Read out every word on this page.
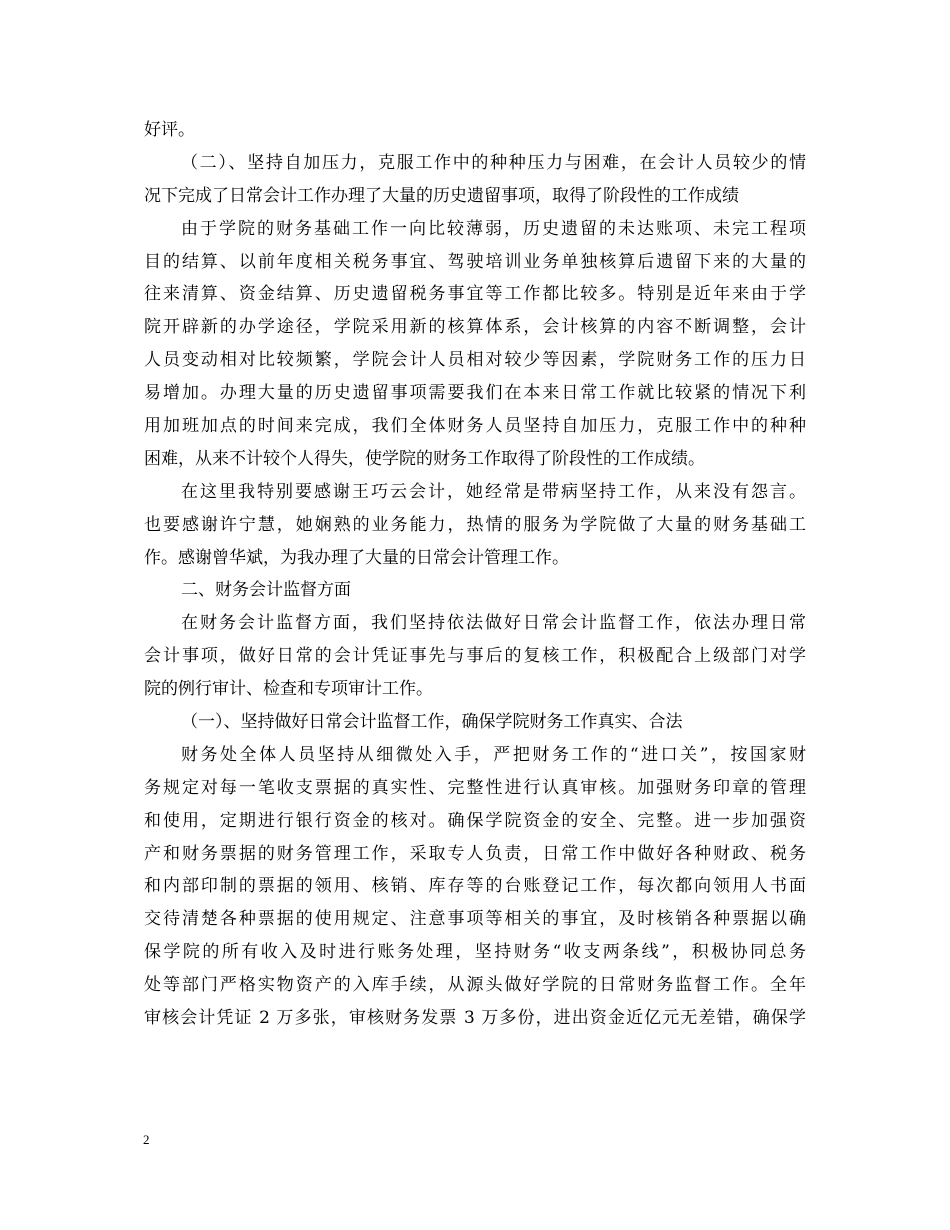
好评。
（二）、坚持自加压力，克服工作中的种种压力与困难，在会计人员较少的情
况下完成了日常会计工作办理了大量的历史遗留事项，取得了阶段性的工作成绩
由于学院的财务基础工作一向比较薄弱，历史遗留的未达账项、未完工程项
目的结算、以前年度相关税务事宜、驾驶培训业务单独核算后遗留下来的大量的
往来清算、资金结算、历史遗留税务事宜等工作都比较多。特别是近年来由于学
院开辟新的办学途径，学院采用新的核算体系，会计核算的内容不断调整，会计
人员变动相对比较频繁，学院会计人员相对较少等因素，学院财务工作的压力日
易增加。办理大量的历史遗留事项需要我们在本来日常工作就比较紧的情况下利
用加班加点的时间来完成，我们全体财务人员坚持自加压力，克服工作中的种种
困难，从来不计较个人得失，使学院的财务工作取得了阶段性的工作成绩。
在这里我特别要感谢王巧云会计，她经常是带病坚持工作，从来没有怨言。
也要感谢许宁慧，她娴熟的业务能力，热情的服务为学院做了大量的财务基础工
作。感谢曾华斌，为我办理了大量的日常会计管理工作。
二、财务会计监督方面
在财务会计监督方面，我们坚持依法做好日常会计监督工作，依法办理日常
会计事项，做好日常的会计凭证事先与事后的复核工作，积极配合上级部门对学
院的例行审计、检查和专项审计工作。
（一）、坚持做好日常会计监督工作，确保学院财务工作真实、合法
财务处全体人员坚持从细微处入手，严把财务工作的“进口关”，按国家财
务规定对每一笔收支票据的真实性、完整性进行认真审核。加强财务印章的管理
和使用，定期进行银行资金的核对。确保学院资金的安全、完整。进一步加强资
产和财务票据的财务管理工作，采取专人负责，日常工作中做好各种财政、税务
和内部印制的票据的领用、核销、库存等的台账登记工作，每次都向领用人书面
交待清楚各种票据的使用规定、注意事项等相关的事宜，及时核销各种票据以确
保学院的所有收入及时进行账务处理，坚持财务“收支两条线”，积极协同总务
处等部门严格实物资产的入库手续，从源头做好学院的日常财务监督工作。全年
审核会计凭证 2 万多张，审核财务发票 3 万多份，进出资金近亿元无差错，确保学
2
